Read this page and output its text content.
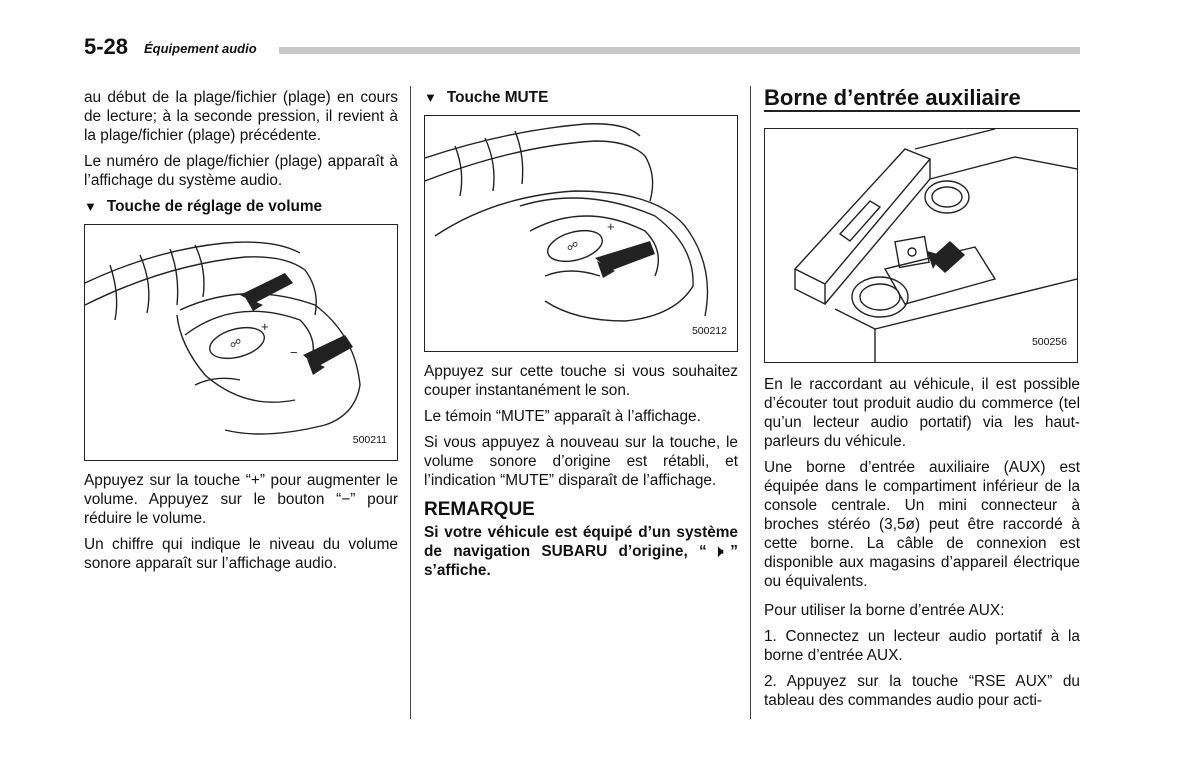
5-28 Équipement audio

au début de la plage/fichier (plage) en cours de lecture; à la seconde pression, il revient à la plage/fichier (plage) précédente.

Le numéro de plage/fichier (plage) apparaît à l’affichage du système audio.

▼ Touche de réglage de volume
+
−
☍
500211

Appuyez sur la touche “+” pour augmenter le volume. Appuyez sur le bouton “−” pour réduire le volume.

Un chiffre qui indique le niveau du volume sonore apparaît sur l’affichage audio.

▼ Touche MUTE
+
☍
500212

Appuyez sur cette touche si vous souhaitez couper instantanément le son.

Le témoin “MUTE” apparaît à l’affichage.

Si vous appuyez à nouveau sur la touche, le volume sonore d’origine est rétabli, et l’indication “MUTE” disparaît de l’affichage.

REMARQUE

Si votre véhicule est équipé d’un système de navigation SUBARU d’origine, “🕨” s’affiche.

Borne d’entrée auxiliaire
500256

En le raccordant au véhicule, il est possible d’écouter tout produit audio du commerce (tel qu’un lecteur audio portatif) via les haut-parleurs du véhicule.

Une borne d’entrée auxiliaire (AUX) est équipée dans le compartiment inférieur de la console centrale. Un mini connecteur à broches stéréo (3,5ø) peut être raccordé à cette borne. La câble de connexion est disponible aux magasins d’appareil électrique ou équivalents.

Pour utiliser la borne d’entrée AUX:

1. Connectez un lecteur audio portatif à la borne d’entrée AUX.

2. Appuyez sur la touche “RSE AUX” du tableau des commandes audio pour acti-
